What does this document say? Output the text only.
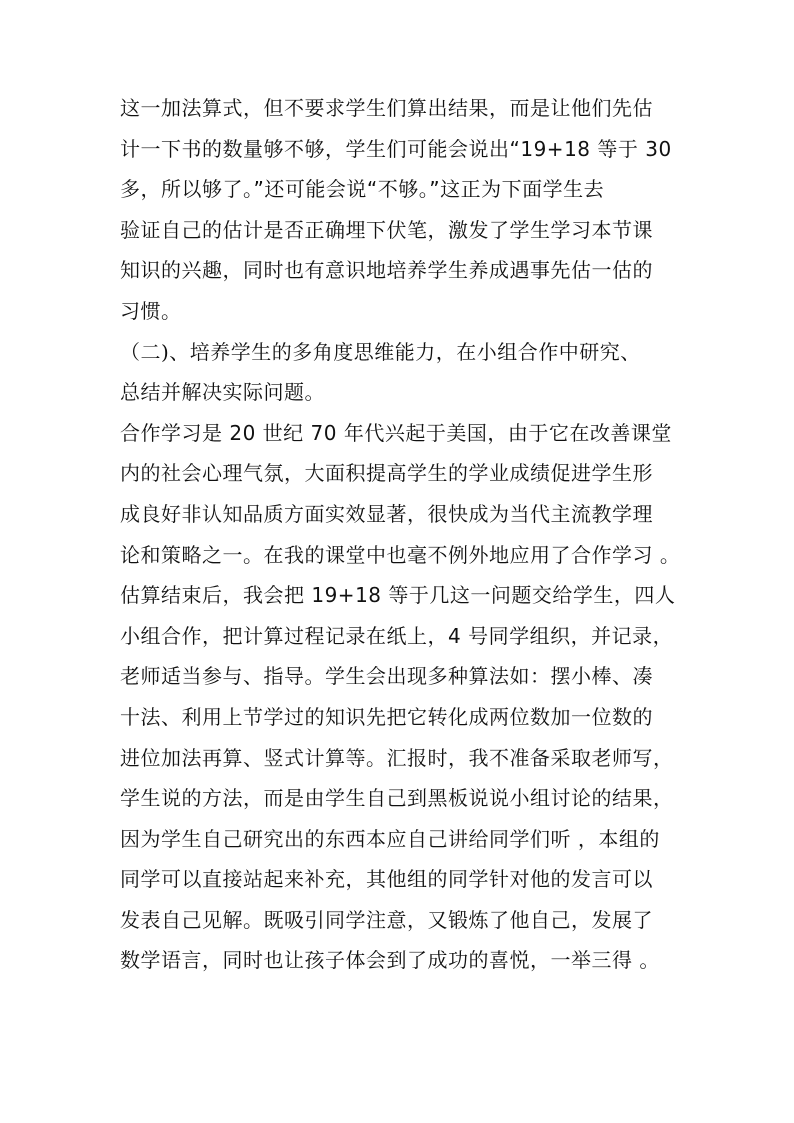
这一加法算式，但不要求学生们算出结果，而是让他们先估
计一下书的数量够不够，学生们可能会说出“19+18 等于 30
多，所以够了。”还可能会说“不够。”这正为下面学生去
验证自己的估计是否正确埋下伏笔，激发了学生学习本节课
知识的兴趣，同时也有意识地培养学生养成遇事先估一估的
习惯。
（二)、培养学生的多角度思维能力，在小组合作中研究、
总结并解决实际问题。
合作学习是 20 世纪 70 年代兴起于美国，由于它在改善课堂
内的社会心理气氛，大面积提高学生的学业成绩促进学生形
成良好非认知品质方面实效显著，很快成为当代主流教学理
论和策略之一。在我的课堂中也毫不例外地应用了合作学习 。
估算结束后，我会把 19+18 等于几这一问题交给学生，四人
小组合作，把计算过程记录在纸上，4 号同学组织，并记录，
老师适当参与、指导。学生会出现多种算法如：摆小棒、凑
十法、利用上节学过的知识先把它转化成两位数加一位数的
进位加法再算、竖式计算等。汇报时，我不准备采取老师写，
学生说的方法，而是由学生自己到黑板说说小组讨论的结果，
因为学生自己研究出的东西本应自己讲给同学们听 ，本组的
同学可以直接站起来补充，其他组的同学针对他的发言可以
发表自己见解。既吸引同学注意，又锻炼了他自己，发展了
数学语言，同时也让孩子体会到了成功的喜悦，一举三得 。
